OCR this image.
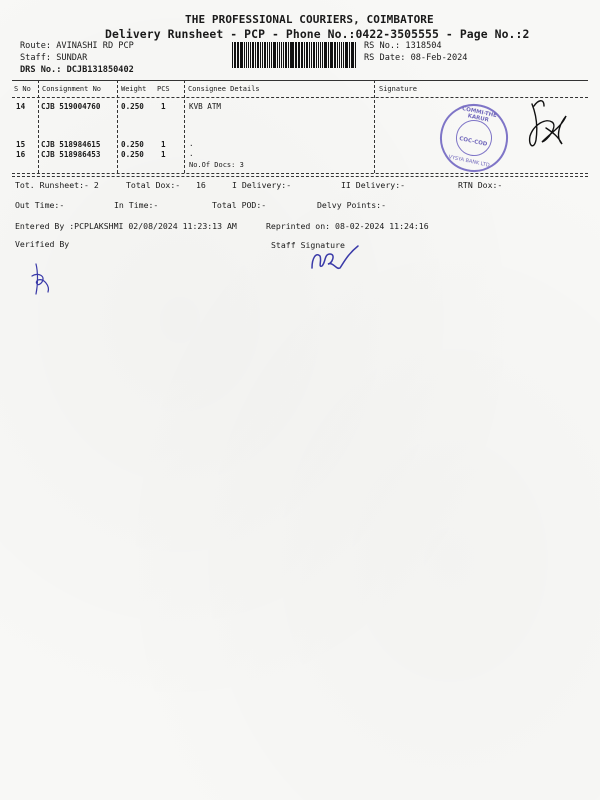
THE PROFESSIONAL COURIERS, COIMBATORE
Delivery Runsheet - PCP - Phone No.:0422-3505555 - Page No.:2
Route: AVINASHI RD PCP
Staff: SUNDAR
DRS No.: DCJB131850402
RS No.: 1318504
RS Date: 08-Feb-2024
S No Consignment No	Weight PCS	Consignee Details	Signature
14 CJB 519004760	0.250 1	KVB ATM
15 CJB 518984615	0.250 1	.
16 CJB 518986453	0.250 1	.
No.Of Docs: 3
COMMI-THE KARUR
COC-COD
VYSYA BANK LTD
Tot. Runsheet:- 2	Total Dox:- 16	I Delivery:-	II Delivery:-	RTN Dox:-
Out Time:-	In Time:-	Total POD:-	Delvy Points:-
Entered By :PCPLAKSHMI 02/08/2024 11:23:13 AM	Reprinted on: 08-02-2024 11:24:16
Verified By	Staff Signature
